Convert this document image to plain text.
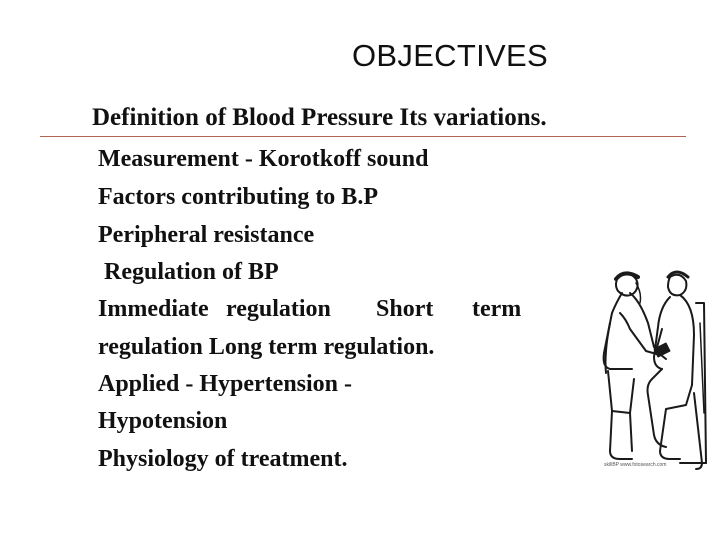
OBJECTIVES
Definition of Blood Pressure Its variations.
Measurement - Korotkoff sound
Factors contributing to B.P
Peripheral resistance
Regulation of BP
Immediate regulation Short term
regulation Long term regulation.
Applied - Hypertension -
Hypotension
Physiology of treatment.	skillBP www.fotosearch.com
